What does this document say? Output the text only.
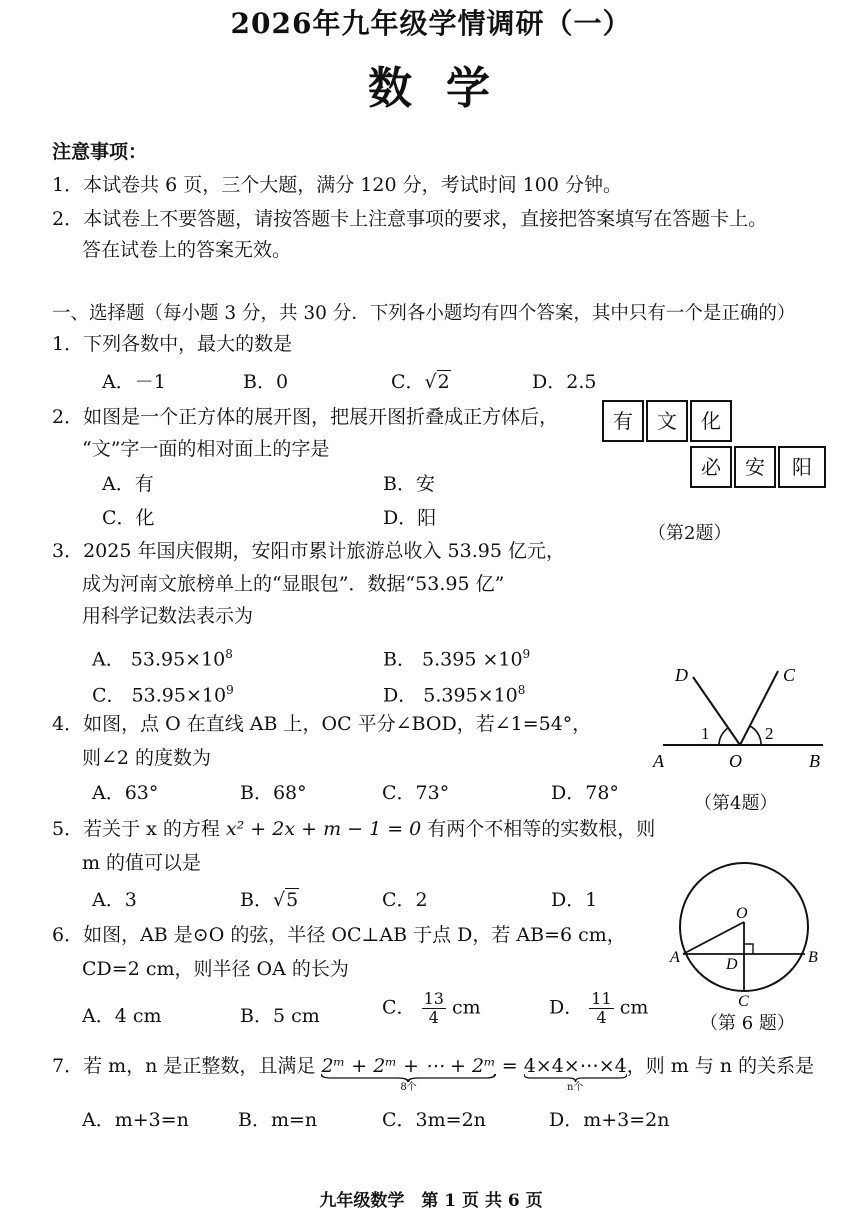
2026年九年级学情调研（一）
数学
注意事项：
1．本试卷共 6 页，三个大题，满分 120 分，考试时间 100 分钟。
2．本试卷上不要答题，请按答题卡上注意事项的要求，直接把答案填写在答题卡上。
答在试卷上的答案无效。
一、选择题（每小题 3 分，共 30 分．下列各小题均有四个答案，其中只有一个是正确的）
1．下列各数中，最大的数是
A．－1	B．0	C．√2	D．2.5
2．如图是一个正方体的展开图，把展开图折叠成正方体后，
“文”字一面的相对面上的字是
A．有	B．安
C．化	D．阳
有	文	化
必	安	阳
（第2题）
3．2025 年国庆假期，安阳市累计旅游总收入 53.95 亿元，
成为河南文旅榜单上的“显眼包”．数据“53.95 亿”
用科学记数法表示为
A． $53.95\times 10^8$	B． $5.395 \times 10^9$
C． $53.95\times 10^9$	D． $5.395\times 10^8$
4．如图，点 O 在直线 AB 上，OC 平分∠BOD，若∠1=54°，
则∠2 的度数为
A．63°	B．68°	C．73°	D．78°
D	C
A	O	B
1	2
（第4题）
5．若关于 x 的方程 x² + 2x + m − 1 = 0 有两个不相等的实数根，则
m 的值可以是
A．3	B．√5	C．2	D．1
6．如图，AB 是⊙O 的弦，半径 OC⊥AB 于点 D，若 AB=6 cm，
CD=2 cm，则半径 OA 的长为
A．4 cm	B．5 cm	C． $\frac{13}{4}$ cm	D． $\frac{11}{4}$ cm
O
A	B
D
C
（第 6 题）
7．若 m，n 是正整数，且满足 2ᵐ + 2ᵐ + ⋯ + 2ᵐ
8个
= 4×4×⋯×4
n个
，则 m 与 n 的关系是
A．m+3=n	B．m=n	C．3m=2n	D．m+3=2n
九年级数学　第 1 页 共 6 页
